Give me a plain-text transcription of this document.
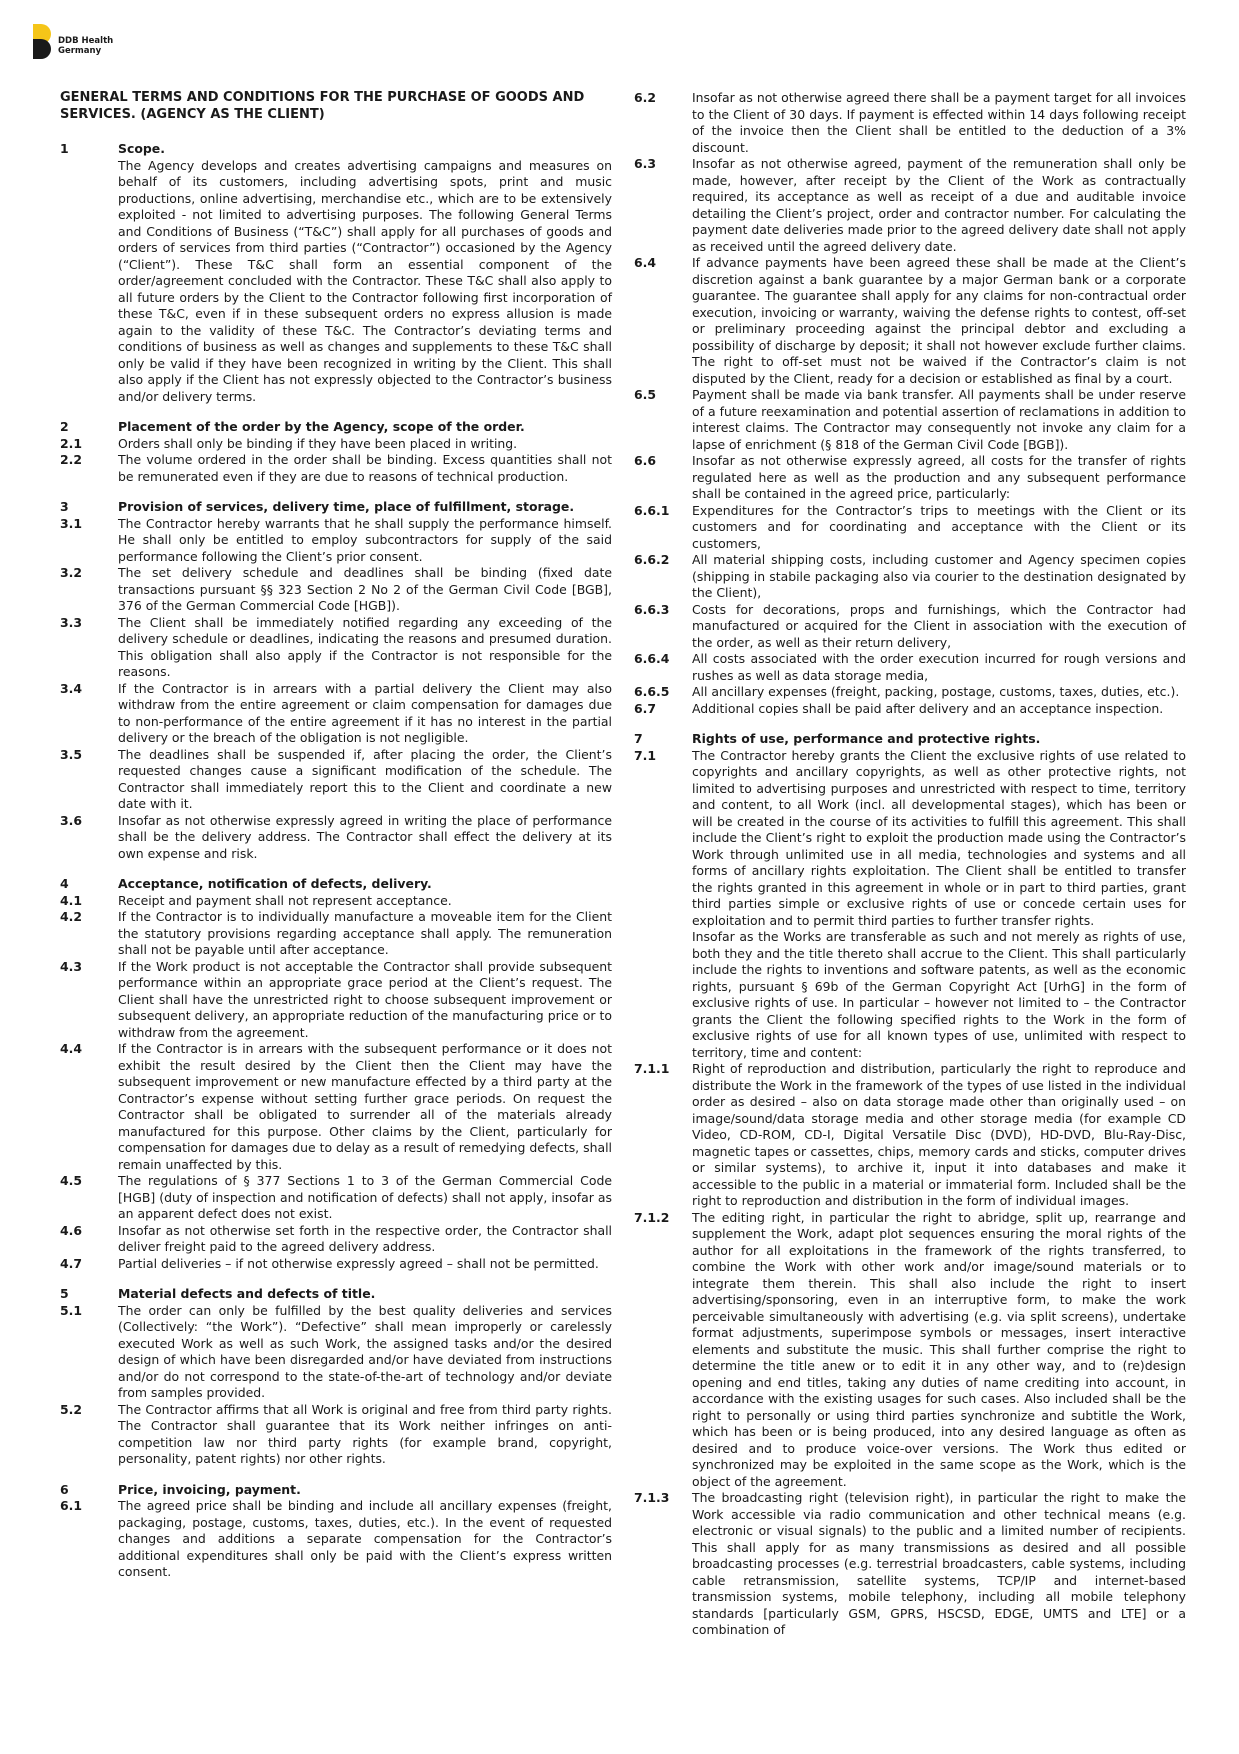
DDB Health
Germany
GENERAL TERMS AND CONDITIONS FOR THE PURCHASE OF GOODS AND SERVICES. (AGENCY AS THE CLIENT)
1	Scope.
The Agency develops and creates advertising campaigns and measures on behalf of its customers, including advertising spots, print and music productions, online advertising, merchandise etc., which are to be extensively exploited - not limited to advertising purposes. The following General Terms and Conditions of Business (“T&C”) shall apply for all purchases of goods and orders of services from third parties (“Contractor”) occasioned by the Agency (“Client”). These T&C shall form an essential component of the order/agreement concluded with the Contractor. These T&C shall also apply to all future orders by the Client to the Contractor following first incorporation of these T&C, even if in these subsequent orders no express allusion is made again to the validity of these T&C. The Contractor’s deviating terms and conditions of business as well as changes and supplements to these T&C shall only be valid if they have been recognized in writing by the Client. This shall also apply if the Client has not expressly objected to the Contractor’s business and/or delivery terms.
2	Placement of the order by the Agency, scope of the order.
2.1	Orders shall only be binding if they have been placed in writing.
2.2	The volume ordered in the order shall be binding. Excess quantities shall not be remunerated even if they are due to reasons of technical production.
3	Provision of services, delivery time, place of fulfillment, storage.
3.1	The Contractor hereby warrants that he shall supply the performance himself. He shall only be entitled to employ subcontractors for supply of the said performance following the Client’s prior consent.
3.2	The set delivery schedule and deadlines shall be binding (fixed date transactions pursuant §§ 323 Section 2 No 2 of the German Civil Code [BGB], 376 of the German Commercial Code [HGB]).
3.3	The Client shall be immediately notified regarding any exceeding of the delivery schedule or deadlines, indicating the reasons and presumed duration. This obligation shall also apply if the Contractor is not responsible for the reasons.
3.4	If the Contractor is in arrears with a partial delivery the Client may also withdraw from the entire agreement or claim compensation for damages due to non-performance of the entire agreement if it has no interest in the partial delivery or the breach of the obligation is not negligible.
3.5	The deadlines shall be suspended if, after placing the order, the Client’s requested changes cause a significant modification of the schedule. The Contractor shall immediately report this to the Client and coordinate a new date with it.
3.6	Insofar as not otherwise expressly agreed in writing the place of performance shall be the delivery address. The Contractor shall effect the delivery at its own expense and risk.
4	Acceptance, notification of defects, delivery.
4.1	Receipt and payment shall not represent acceptance.
4.2	If the Contractor is to individually manufacture a moveable item for the Client the statutory provisions regarding acceptance shall apply. The remuneration shall not be payable until after acceptance.
4.3	If the Work product is not acceptable the Contractor shall provide subsequent performance within an appropriate grace period at the Client’s request. The Client shall have the unrestricted right to choose subsequent improvement or subsequent delivery, an appropriate reduction of the manufacturing price or to withdraw from the agreement.
4.4	If the Contractor is in arrears with the subsequent performance or it does not exhibit the result desired by the Client then the Client may have the subsequent improvement or new manufacture effected by a third party at the Contractor’s expense without setting further grace periods. On request the Contractor shall be obligated to surrender all of the materials already manufactured for this purpose. Other claims by the Client, particularly for compensation for damages due to delay as a result of remedying defects, shall remain unaffected by this.
4.5	The regulations of § 377 Sections 1 to 3 of the German Commercial Code [HGB] (duty of inspection and notification of defects) shall not apply, insofar as an apparent defect does not exist.
4.6	Insofar as not otherwise set forth in the respective order, the Contractor shall deliver freight paid to the agreed delivery address.
4.7	Partial deliveries – if not otherwise expressly agreed – shall not be permitted.
5	Material defects and defects of title.
5.1	The order can only be fulfilled by the best quality deliveries and services (Collectively: “the Work”). “Defective” shall mean improperly or carelessly executed Work as well as such Work, the assigned tasks and/or the desired design of which have been disregarded and/or have deviated from instructions and/or do not correspond to the state-of-the-art of technology and/or deviate from samples provided.
5.2	The Contractor affirms that all Work is original and free from third party rights. The Contractor shall guarantee that its Work neither infringes on anti-competition law nor third party rights (for example brand, copyright, personality, patent rights) nor other rights.
6	Price, invoicing, payment.
6.1	The agreed price shall be binding and include all ancillary expenses (freight, packaging, postage, customs, taxes, duties, etc.). In the event of requested changes and additions a separate compensation for the Contractor’s additional expenditures shall only be paid with the Client’s express written consent.
6.2	Insofar as not otherwise agreed there shall be a payment target for all invoices to the Client of 30 days. If payment is effected within 14 days following receipt of the invoice then the Client shall be entitled to the deduction of a 3% discount.
6.3	Insofar as not otherwise agreed, payment of the remuneration shall only be made, however, after receipt by the Client of the Work as contractually required, its acceptance as well as receipt of a due and auditable invoice detailing the Client’s project, order and contractor number. For calculating the payment date deliveries made prior to the agreed delivery date shall not apply as received until the agreed delivery date.
6.4	If advance payments have been agreed these shall be made at the Client’s discretion against a bank guarantee by a major German bank or a corporate guarantee. The guarantee shall apply for any claims for non-contractual order execution, invoicing or warranty, waiving the defense rights to contest, off-set or preliminary proceeding against the principal debtor and excluding a possibility of discharge by deposit; it shall not however exclude further claims. The right to off-set must not be waived if the Contractor’s claim is not disputed by the Client, ready for a decision or established as final by a court.
6.5	Payment shall be made via bank transfer. All payments shall be under reserve of a future reexamination and potential assertion of reclamations in addition to interest claims. The Contractor may consequently not invoke any claim for a lapse of enrichment (§ 818 of the German Civil Code [BGB]).
6.6	Insofar as not otherwise expressly agreed, all costs for the transfer of rights regulated here as well as the production and any subsequent performance shall be contained in the agreed price, particularly:
6.6.1	Expenditures for the Contractor’s trips to meetings with the Client or its customers and for coordinating and acceptance with the Client or its customers,
6.6.2	All material shipping costs, including customer and Agency specimen copies (shipping in stabile packaging also via courier to the destination designated by the Client),
6.6.3	Costs for decorations, props and furnishings, which the Contractor had manufactured or acquired for the Client in association with the execution of the order, as well as their return delivery,
6.6.4	All costs associated with the order execution incurred for rough versions and rushes as well as data storage media,
6.6.5	All ancillary expenses (freight, packing, postage, customs, taxes, duties, etc.).
6.7	Additional copies shall be paid after delivery and an acceptance inspection.
7	Rights of use, performance and protective rights.
7.1	The Contractor hereby grants the Client the exclusive rights of use related to copyrights and ancillary copyrights, as well as other protective rights, not limited to advertising purposes and unrestricted with respect to time, territory and content, to all Work (incl. all developmental stages), which has been or will be created in the course of its activities to fulfill this agreement. This shall include the Client’s right to exploit the production made using the Contractor’s Work through unlimited use in all media, technologies and systems and all forms of ancillary rights exploitation. The Client shall be entitled to transfer the rights granted in this agreement in whole or in part to third parties, grant third parties simple or exclusive rights of use or concede certain uses for exploitation and to permit third parties to further transfer rights.
Insofar as the Works are transferable as such and not merely as rights of use, both they and the title thereto shall accrue to the Client. This shall particularly include the rights to inventions and software patents, as well as the economic rights, pursuant § 69b of the German Copyright Act [UrhG] in the form of exclusive rights of use. In particular – however not limited to – the Contractor grants the Client the following specified rights to the Work in the form of exclusive rights of use for all known types of use, unlimited with respect to territory, time and content:
7.1.1	Right of reproduction and distribution, particularly the right to reproduce and distribute the Work in the framework of the types of use listed in the individual order as desired – also on data storage made other than originally used – on image/sound/data storage media and other storage media (for example CD Video, CD-ROM, CD-I, Digital Versatile Disc (DVD), HD-DVD, Blu-Ray-Disc, magnetic tapes or cassettes, chips, memory cards and sticks, computer drives or similar systems), to archive it, input it into databases and make it accessible to the public in a material or immaterial form. Included shall be the right to reproduction and distribution in the form of individual images.
7.1.2	The editing right, in particular the right to abridge, split up, rearrange and supplement the Work, adapt plot sequences ensuring the moral rights of the author for all exploitations in the framework of the rights transferred, to combine the Work with other work and/or image/sound materials or to integrate them therein. This shall also include the right to insert advertising/sponsoring, even in an interruptive form, to make the work perceivable simultaneously with advertising (e.g. via split screens), undertake format adjustments, superimpose symbols or messages, insert interactive elements and substitute the music. This shall further comprise the right to determine the title anew or to edit it in any other way, and to (re)design opening and end titles, taking any duties of name crediting into account, in accordance with the existing usages for such cases. Also included shall be the right to personally or using third parties synchronize and subtitle the Work, which has been or is being produced, into any desired language as often as desired and to produce voice-over versions. The Work thus edited or synchronized may be exploited in the same scope as the Work, which is the object of the agreement.
7.1.3	The broadcasting right (television right), in particular the right to make the Work accessible via radio communication and other technical means (e.g. electronic or visual signals) to the public and a limited number of recipients. This shall apply for as many transmissions as desired and all possible broadcasting processes (e.g. terrestrial broadcasters, cable systems, including cable retransmission, satellite systems, TCP/IP and internet-based transmission systems, mobile telephony, including all mobile telephony standards [particularly GSM, GPRS, HSCSD, EDGE, UMTS and LTE] or a combination of
